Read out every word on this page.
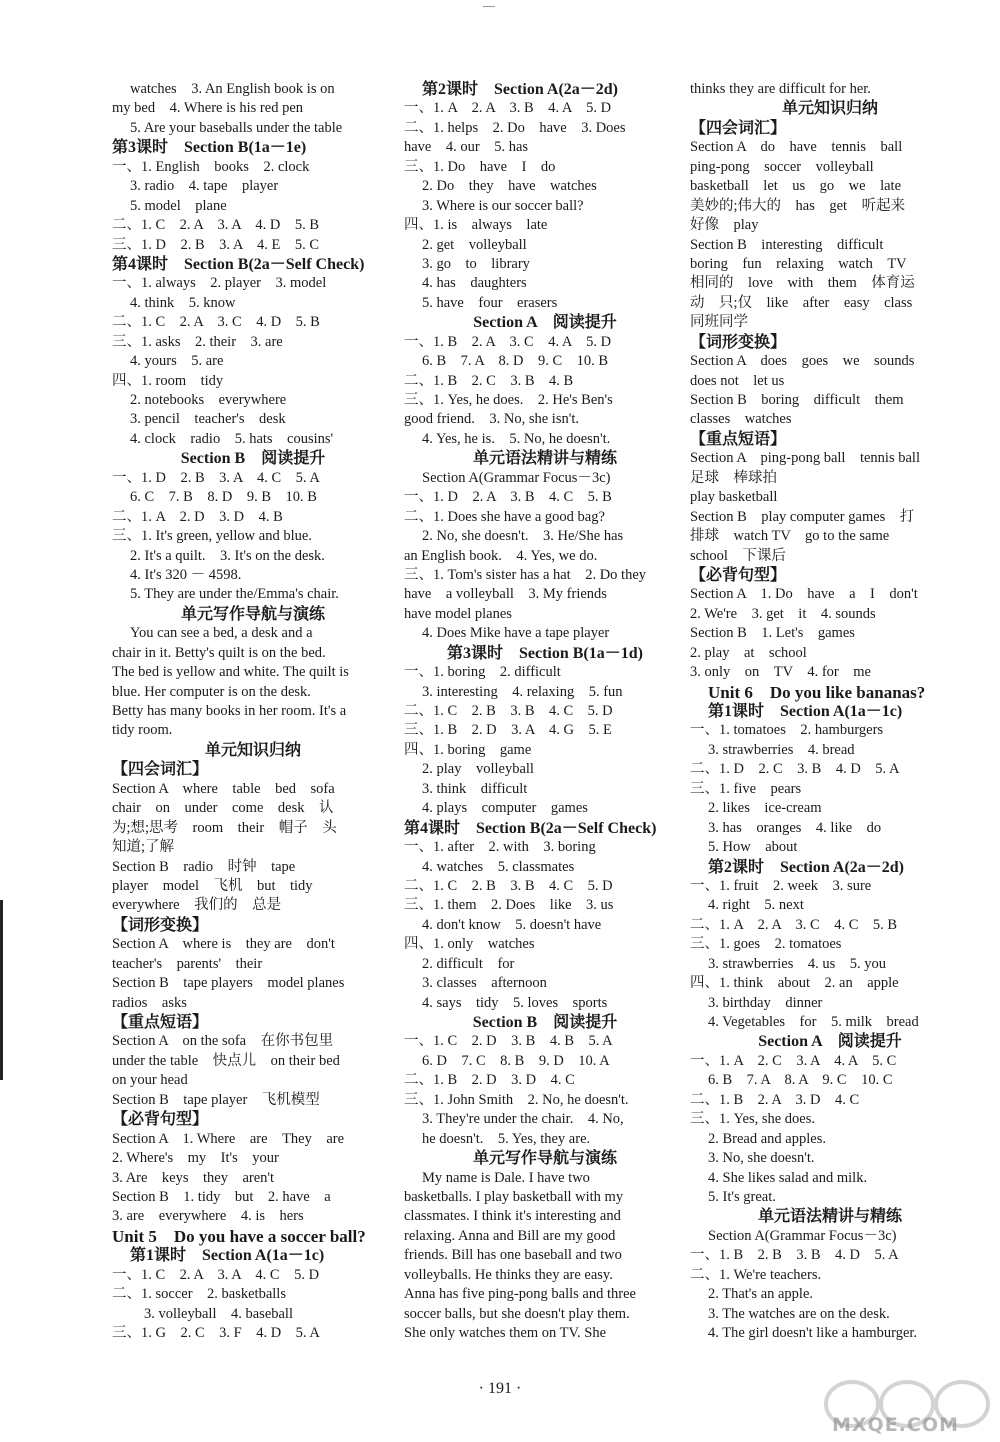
watches　3. An English book is on
my bed　4. Where is his red pen
5. Are your baseballs under the table
第3课时　Section B(1a－1e)
一、1. English　books　2. clock
3. radio　4. tape　player
5. model　plane
二、1. C　2. A　3. A　4. D　5. B
三、1. D　2. B　3. A　4. E　5. C
第4课时　Section B(2a－Self Check)
一、1. always　2. player　3. model
4. think　5. know
二、1. C　2. A　3. C　4. D　5. B
三、1. asks　2. their　3. are
4. yours　5. are
四、1. room　tidy
2. notebooks　everywhere
3. pencil　teacher's　desk
4. clock　radio　5. hats　cousins'
Section B　阅读提升
一、1. D　2. B　3. A　4. C　5. A
6. C　7. B　8. D　9. B　10. B
二、1. A　2. D　3. D　4. B
三、1. It's green, yellow and blue.
2. It's a quilt.　3. It's on the desk.
4. It's 320 － 4598.
5. They are under the/Emma's chair.
单元写作导航与演练
You can see a bed, a desk and a
chair in it. Betty's quilt is on the bed.
The bed is yellow and white. The quilt is
blue. Her computer is on the desk.
Betty has many books in her room. It's a
tidy room.
单元知识归纳
【四会词汇】
Section A　where　table　bed　sofa
chair　on　under　come　desk　认
为;想;思考　room　their　帽子　头
知道;了解
Section B　radio　时钟　tape
player　model　飞机　but　tidy
everywhere　我们的　总是
【词形变换】
Section A　where is　they are　don't
teacher's　parents'　their
Section B　tape players　model planes
radios　asks
【重点短语】
Section A　on the sofa　在你书包里
under the table　快点儿　on their bed
on your head
Section B　tape player　飞机模型
【必背句型】
Section A　1. Where　are　They　are
2. Where's　my　It's　your
3. Are　keys　they　aren't
Section B　1. tidy　but　2. have　a
3. are　everywhere　4. is　hers
Unit 5　Do you have a soccer ball?
第1课时　Section A(1a－1c)
一、1. C　2. A　3. A　4. C　5. D
二、1. soccer　2. basketballs
3. volleyball　4. baseball
三、1. G　2. C　3. F　4. D　5. A
第2课时　Section A(2a－2d)
一、1. A　2. A　3. B　4. A　5. D
二、1. helps　2. Do　have　3. Does
have　4. our　5. has
三、1. Do　have　I　do
2. Do　they　have　watches
3. Where is our soccer ball?
四、1. is　always　late
2. get　volleyball
3. go　to　library
4. has　daughters
5. have　four　erasers
Section A　阅读提升
一、1. B　2. A　3. C　4. A　5. D
6. B　7. A　8. D　9. C　10. B
二、1. B　2. C　3. B　4. B
三、1. Yes, he does.　2. He's Ben's
good friend.　3. No, she isn't.
4. Yes, he is.　5. No, he doesn't.
单元语法精讲与精练
Section A(Grammar Focus－3c)
一、1. D　2. A　3. B　4. C　5. B
二、1. Does she have a good bag?
2. No, she doesn't.　3. He/She has
an English book.　4. Yes, we do.
三、1. Tom's sister has a hat　2. Do they
have　a volleyball　3. My friends
have model planes
4. Does Mike have a tape player
第3课时　Section B(1a－1d)
一、1. boring　2. difficult
3. interesting　4. relaxing　5. fun
二、1. C　2. B　3. B　4. C　5. D
三、1. B　2. D　3. A　4. G　5. E
四、1. boring　game
2. play　volleyball
3. think　difficult
4. plays　computer　games
第4课时　Section B(2a－Self Check)
一、1. after　2. with　3. boring
4. watches　5. classmates
二、1. C　2. B　3. B　4. C　5. D
三、1. them　2. Does　like　3. us
4. don't know　5. doesn't have
四、1. only　watches
2. difficult　for
3. classes　afternoon
4. says　tidy　5. loves　sports
Section B　阅读提升
一、1. C　2. D　3. B　4. B　5. A
6. D　7. C　8. B　9. D　10. A
二、1. B　2. D　3. D　4. C
三、1. John Smith　2. No, he doesn't.
3. They're under the chair.　4. No,
he doesn't.　5. Yes, they are.
单元写作导航与演练
My name is Dale. I have two
basketballs. I play basketball with my
classmates. I think it's interesting and
relaxing. Anna and Bill are my good
friends. Bill has one baseball and two
volleyballs. He thinks they are easy.
Anna has five ping-pong balls and three
soccer balls, but she doesn't play them.
She only watches them on TV. She
thinks they are difficult for her.
单元知识归纳
【四会词汇】
Section A　do　have　tennis　ball
ping-pong　soccer　volleyball
basketball　let　us　go　we　late
美妙的;伟大的　has　get　听起来
好像　play
Section B　interesting　difficult
boring　fun　relaxing　watch　TV
相同的　love　with　them　体育运
动　只;仅　like　after　easy　class
同班同学
【词形变换】
Section A　does　goes　we　sounds
does not　let us
Section B　boring　difficult　them
classes　watches
【重点短语】
Section A　ping-pong ball　tennis ball
足球　棒球拍
play basketball
Section B　play computer games　打
排球　watch TV　go to the same
school　下课后
【必背句型】
Section A　1. Do　have　a　I　don't
2. We're　3. get　it　4. sounds
Section B　1. Let's　games
2. play　at　school
3. only　on　TV　4. for　me
Unit 6　Do you like bananas?
第1课时　Section A(1a－1c)
一、1. tomatoes　2. hamburgers
3. strawberries　4. bread
二、1. D　2. C　3. B　4. D　5. A
三、1. five　pears
2. likes　ice-cream
3. has　oranges　4. like　do
5. How　about
第2课时　Section A(2a－2d)
一、1. fruit　2. week　3. sure
4. right　5. next
二、1. A　2. A　3. C　4. C　5. B
三、1. goes　2. tomatoes
3. strawberries　4. us　5. you
四、1. think　about　2. an　apple
3. birthday　dinner
4. Vegetables　for　5. milk　bread
Section A　阅读提升
一、1. A　2. C　3. A　4. A　5. C
6. B　7. A　8. A　9. C　10. C
二、1. B　2. A　3. D　4. C
三、1. Yes, she does.
2. Bread and apples.
3. No, she doesn't.
4. She likes salad and milk.
5. It's great.
单元语法精讲与精练
Section A(Grammar Focus－3c)
一、1. B　2. B　3. B　4. D　5. A
二、1. We're teachers.
2. That's an apple.
3. The watches are on the desk.
4. The girl doesn't like a hamburger.
· 191 ·
MXQE.COM
